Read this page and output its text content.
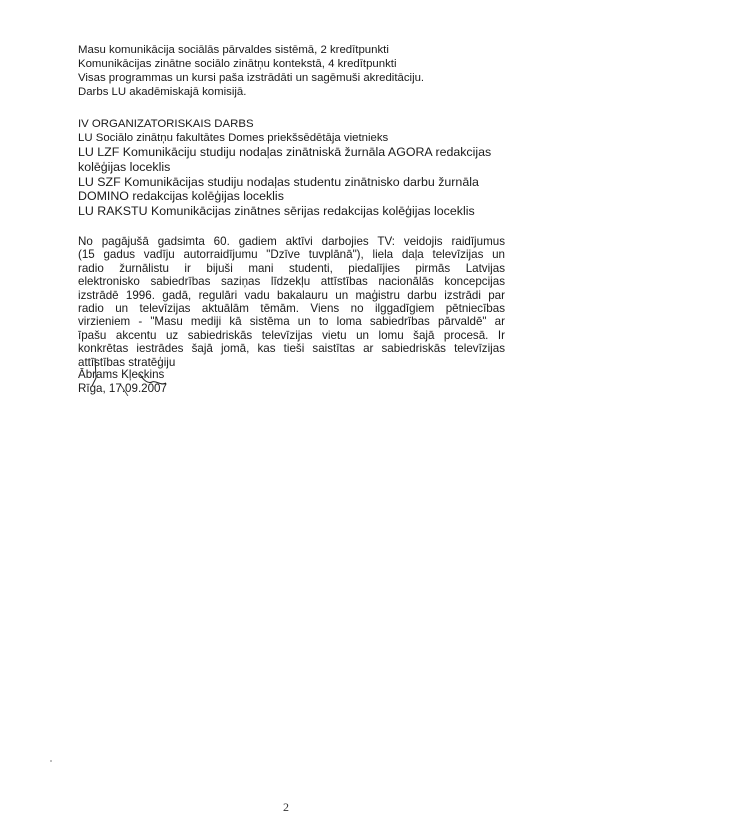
Masu komunikācija sociālās pārvaldes sistēmā, 2 kredītpunkti
Komunikācijas zinātne sociālo zinātņu kontekstā, 4 kredītpunkti
Visas programmas un kursi paša izstrādāti un sagēmuši akreditāciju.
Darbs LU akadēmiskajā komisijā.
IV ORGANIZATORISKAIS DARBS
LU Sociālo zinātņu fakultātes Domes priekšsēdētāja vietnieks
LU LZF Komunikāciju studiju nodaļas zinātniskā žurnāla AGORA redakcijas
kolēģijas loceklis
LU SZF Komunikācijas studiju nodaļas studentu zinātnisko darbu žurnāla
DOMINO redakcijas kolēģijas loceklis
LU RAKSTU Komunikācijas zinātnes sērijas redakcijas kolēģijas loceklis
No pagājušā gadsimta 60. gadiem aktīvi darbojies TV: veidojis raidījumus
(15 gadus vadīju autorraidījumu "Dzīve tuvplānā"), liela daļa televīzijas un
radio žurnālistu ir bijuši mani studenti, piedalījies pirmās Latvijas
elektronisko sabiedrības saziņas līdzekļu attīstības nacionālās koncepcijas
izstrādē 1996. gadā, regulāri vadu bakalauru un maģistru darbu izstrādi par
radio un televīzijas aktuālām tēmām. Viens no ilggadīgiem pētniecības
virzieniem - "Masu mediji kā sistēma un to loma sabiedrības pārvaldē" ar
īpašu akcentu uz sabiedriskās televīzijas vietu un lomu šajā procesā. Ir
konkrētas iestrādes šajā jomā, kas tieši saistītas ar sabiedriskās televīzijas
attīstības stratēģiju
Ābrams Kļeckins
Rīga, 17.09.2007
2
